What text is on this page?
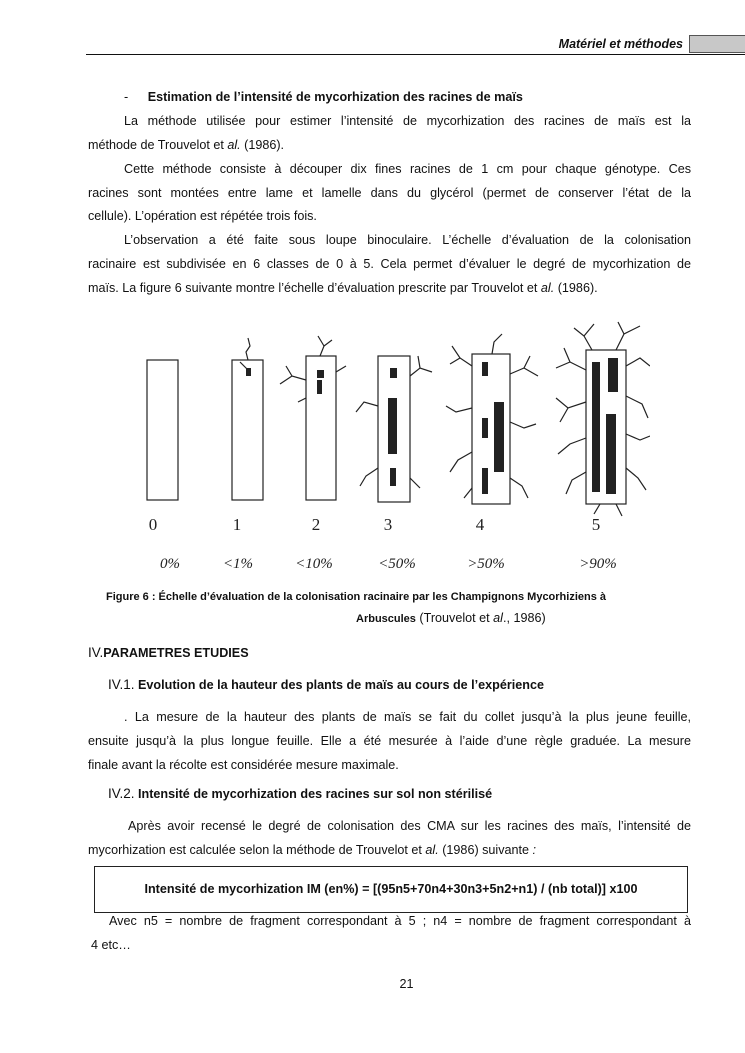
Matériel et méthodes
- Estimation de l’intensité de mycorhization des racines de maïs
La méthode utilisée pour estimer l’intensité de mycorhization des racines de maïs est la
méthode de Trouvelot et al. (1986).
Cette méthode consiste à découper dix fines racines de 1 cm pour chaque génotype. Ces
racines sont montées entre lame et lamelle dans du glycérol (permet de conserver l’état de la
cellule). L’opération est répétée trois fois.
L’observation a été faite sous loupe binoculaire. L’échelle d’évaluation de la colonisation
racinaire est subdivisée en 6 classes de 0 à 5. Cela permet d’évaluer le degré de mycorhization de
maïs. La figure 6 suivante montre l’échelle d’évaluation prescrite par Trouvelot et al. (1986).
0	1	2	3	4	5
0%	<1%	<10%	<50%	>50%	>90%
Figure 6 : Échelle d’évaluation de la colonisation racinaire par les Champignons Mycorhiziens à
Arbuscules (Trouvelot et al., 1986)
IV.PARAMETRES ETUDIES
IV.1. Evolution de la hauteur des plants de maïs au cours de l’expérience
. La mesure de la hauteur des plants de maïs se fait du collet jusqu’à la plus jeune feuille,
ensuite jusqu’à la plus longue feuille. Elle a été mesurée à l’aide d’une règle graduée. La mesure
finale avant la récolte est considérée mesure maximale.
IV.2. Intensité de mycorhization des racines sur sol non stérilisé
Après avoir recensé le degré de colonisation des CMA sur les racines des maïs, l’intensité de
mycorhization est calculée selon la méthode de Trouvelot et al. (1986) suivante :
Intensité de mycorhization IM (en%) = [(95n5+70n4+30n3+5n2+n1) / (nb total)] x100
Avec n5 = nombre de fragment correspondant à 5 ; n4 = nombre de fragment correspondant à
4 etc…
21
